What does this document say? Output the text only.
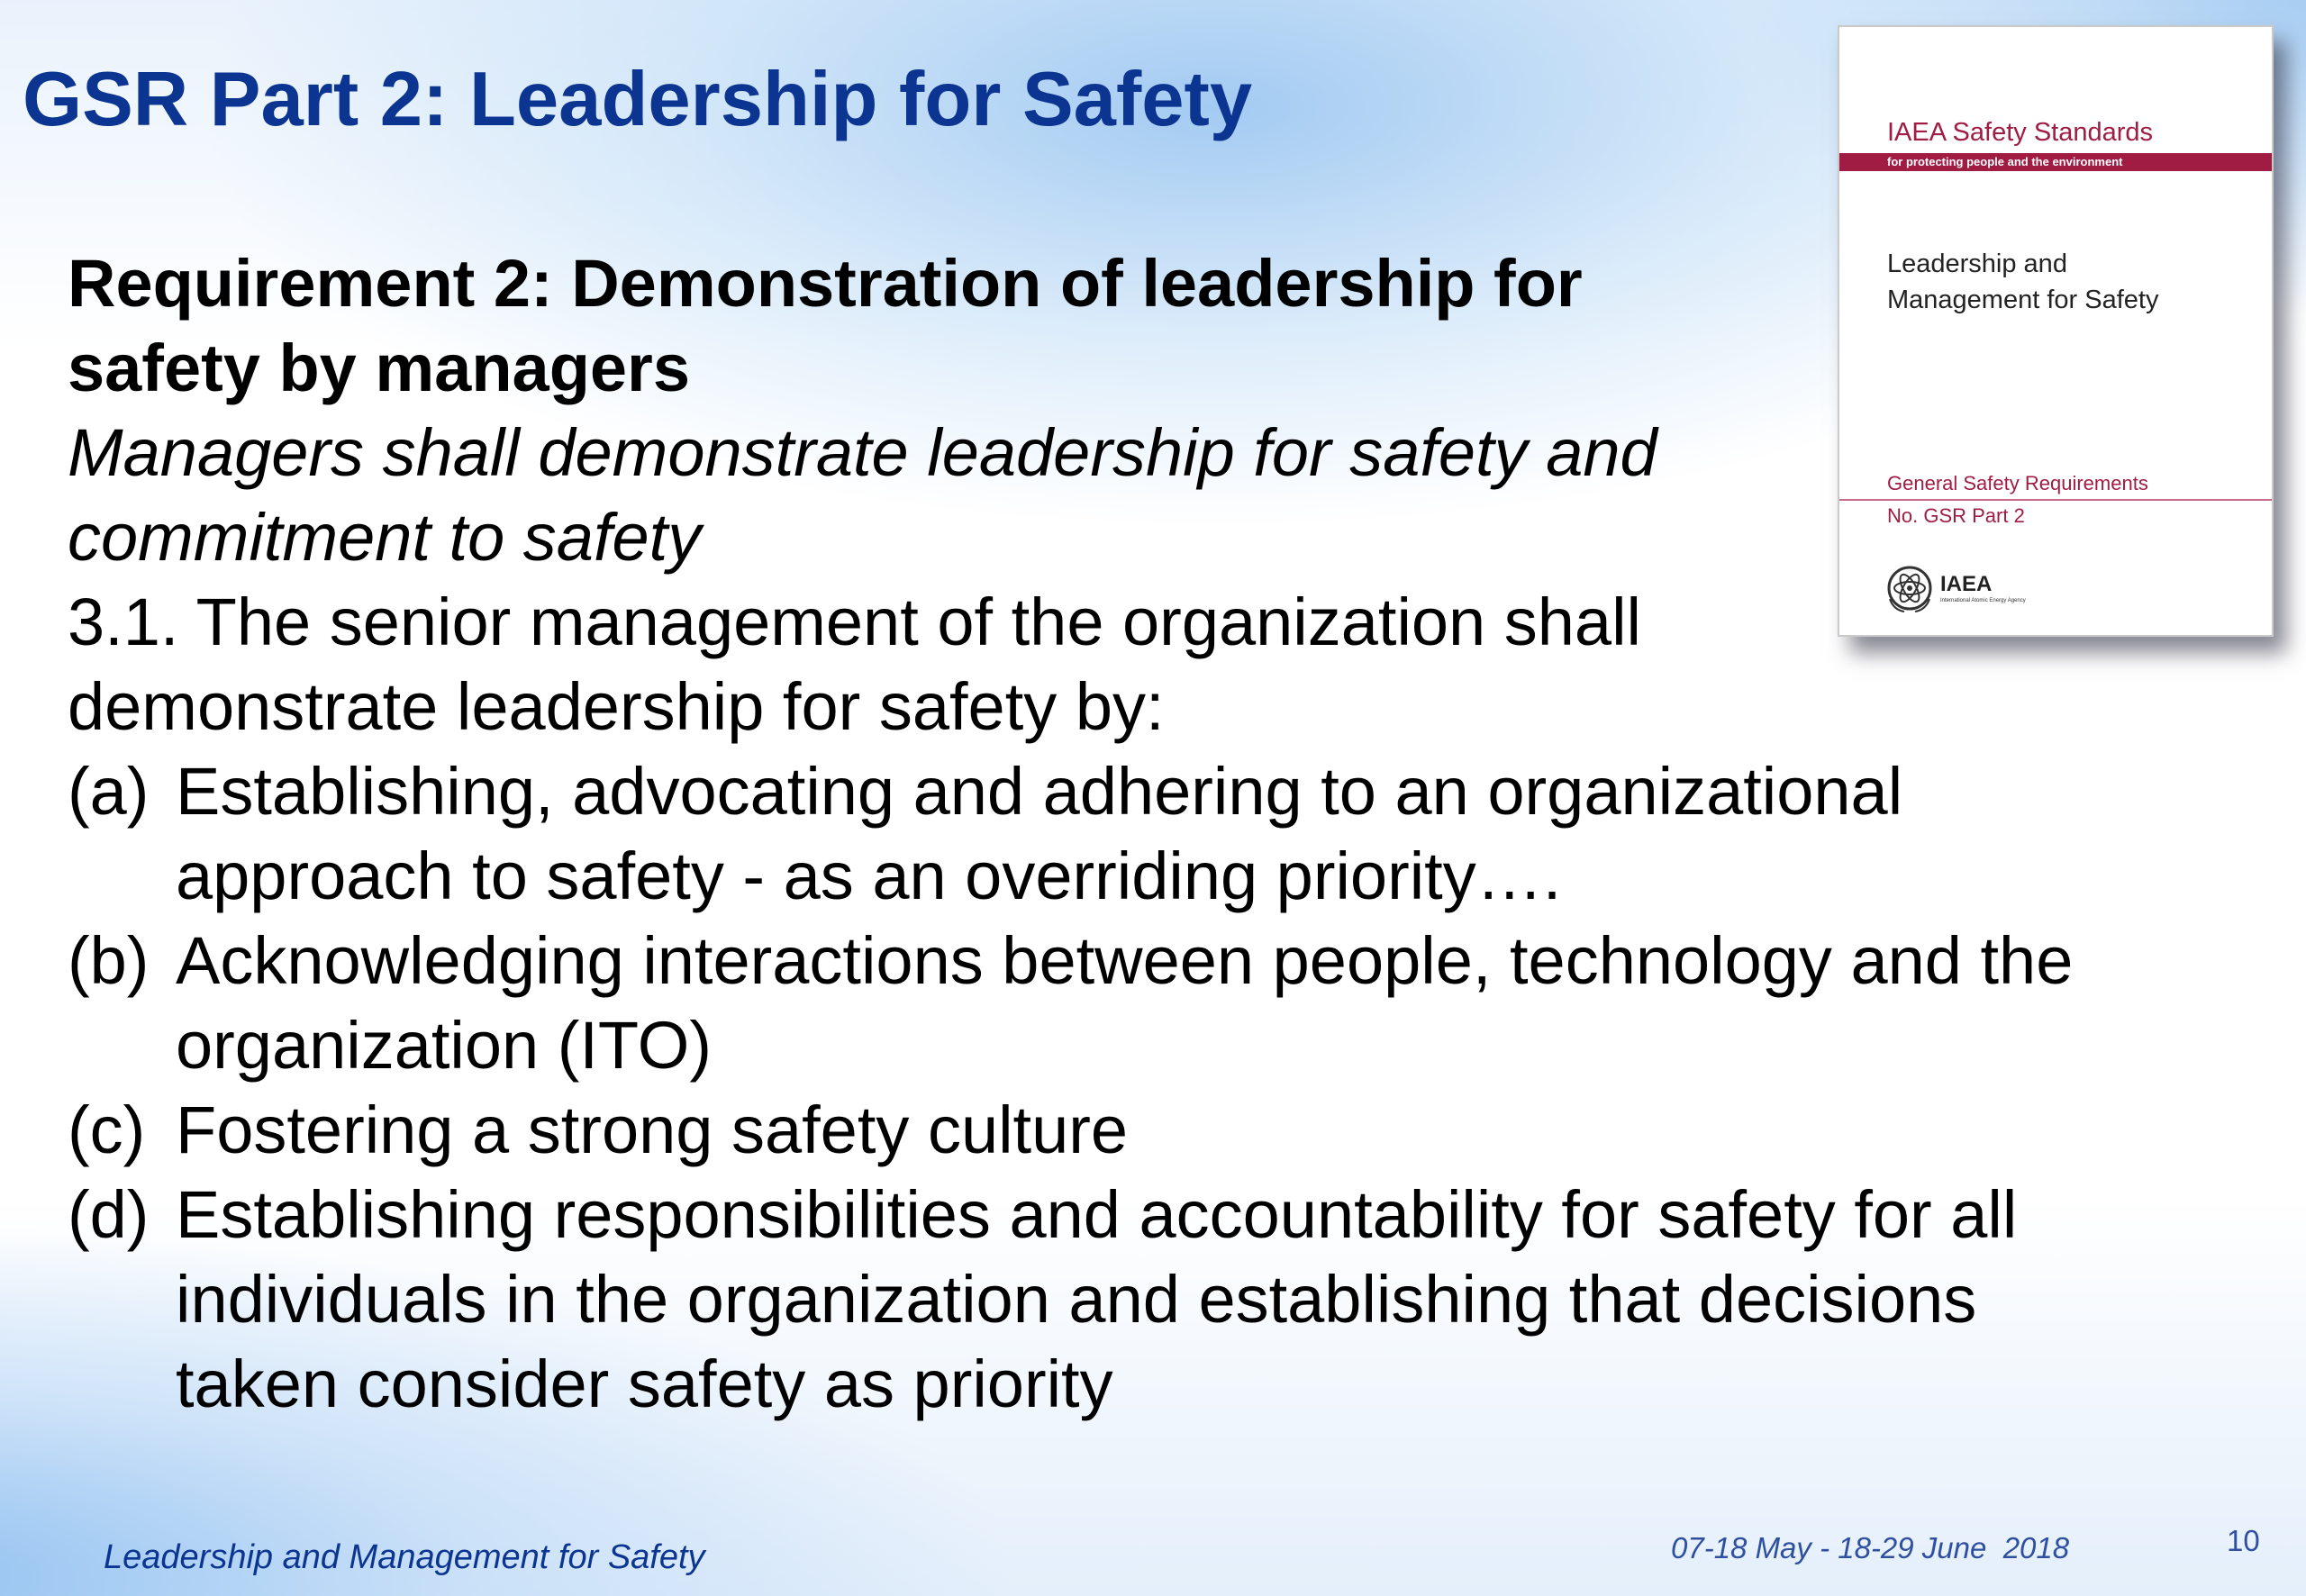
GSR Part 2: Leadership for Safety

Requirement 2: Demonstration of leadership for
safety by managers

Managers shall demonstrate leadership for safety and
commitment to safety

3.1. The senior management of the organization shall
demonstrate leadership for safety by:

(a) Establishing, advocating and adhering to an organizational
approach to safety - as an overriding priority….
(b) Acknowledging interactions between people, technology and the
organization (ITO)
(c) Fostering a strong safety culture
(d) Establishing responsibilities and accountability for safety for all
individuals in the organization and establishing that decisions
taken consider safety as priority
IAEA Safety Standards
for protecting people and the environment
Leadership and
Management for Safety
General Safety Requirements
No. GSR Part 2
IAEA
International Atomic Energy Agency
Leadership and Management for Safety	07-18 May - 18-29 June  2018	10
